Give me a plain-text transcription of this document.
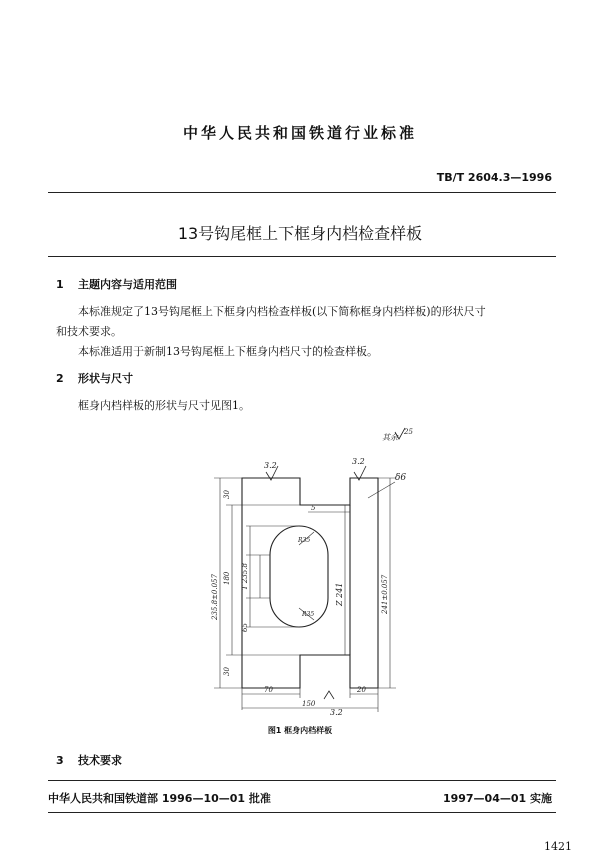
中华人民共和国铁道行业标准
TB/T 2604.3—1996
13号钩尾框上下框身内档检查样板
1 主题内容与适用范围
本标准规定了13号钩尾框上下框身内档检查样板(以下简称框身内档样板)的形状尺寸
和技术要求。
本标准适用于新制13号钩尾框上下框身内档尺寸的检查样板。
2 形状与尺寸
框身内档样板的形状与尺寸见图1。
3.2	3.2
3.2
其余
25
δ6
5
R35
R35
235.8±0.057 180
30
30
65
T 235.8
Z 241	241±0.057
70
150
20
图1 框身内档样板
3 技术要求
中华人民共和国铁道部 1996—10—01 批准	1997—04—01 实施
1421
